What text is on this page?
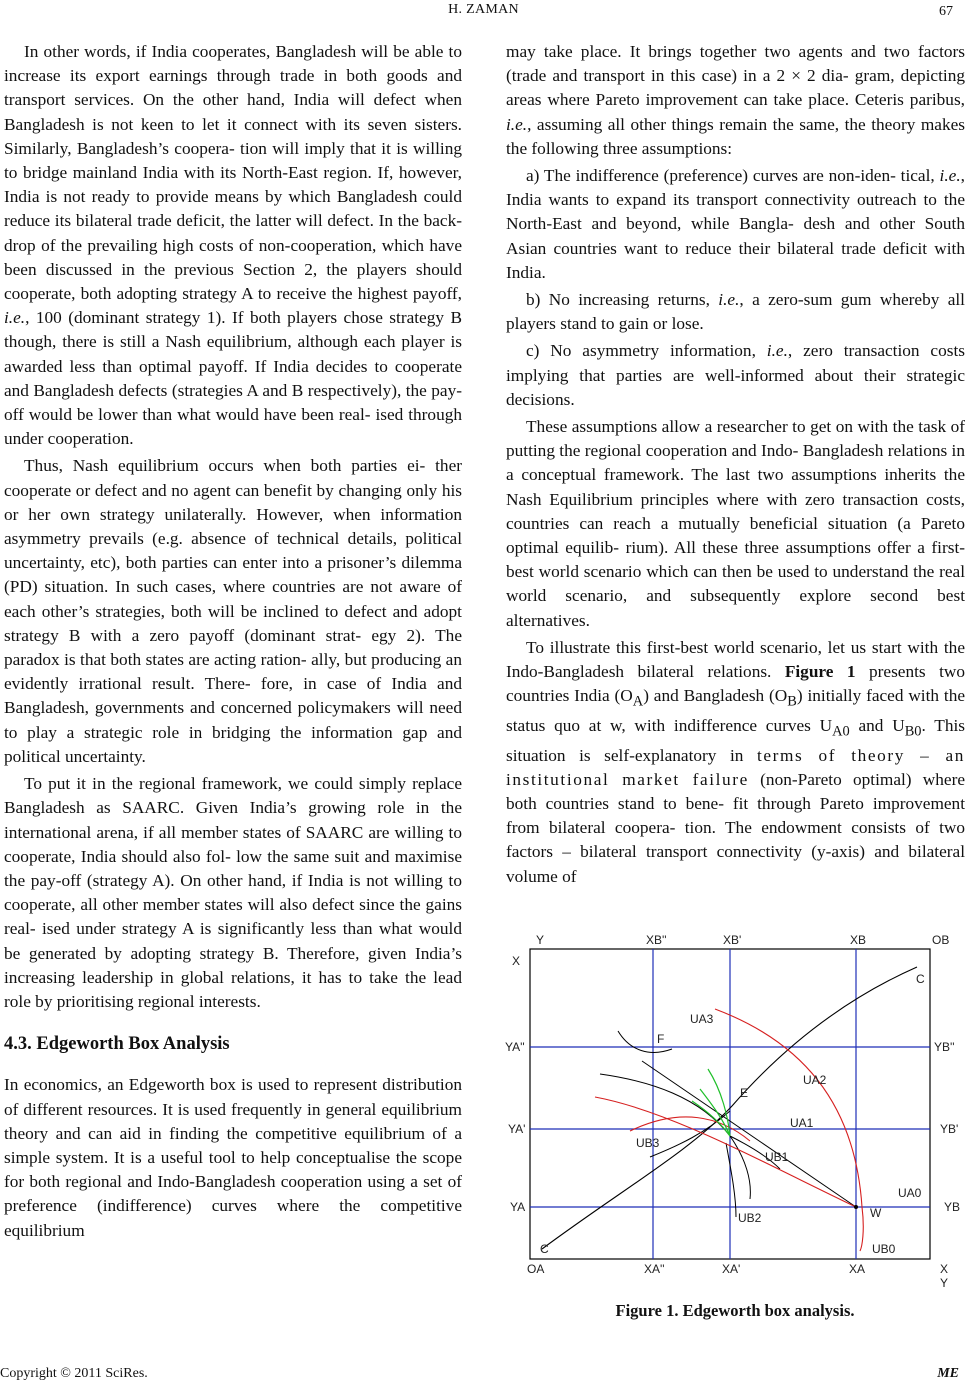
H. ZAMAN	67

In other words, if India cooperates, Bangladesh will be able to increase its export earnings through trade in both goods and transport services. On the other hand, India will defect when Bangladesh is not keen to let it connect with its seven sisters. Similarly, Bangladesh’s coopera- tion will imply that it is willing to bridge mainland India with its North-East region. If, however, India is not ready to provide means by which Bangladesh could reduce its bilateral trade deficit, the latter will defect. In the back- drop of the prevailing high costs of non-cooperation, which have been discussed in the previous Section 2, the players should cooperate, both adopting strategy A to receive the highest payoff, i.e., 100 (dominant strategy 1). If both players chose strategy B though, there is still a Nash equilibrium, although each player is awarded less than optimal payoff. If India decides to cooperate and Bangladesh defects (strategies A and B respectively), the pay-off would be lower than what would have been real- ised through under cooperation.

Thus, Nash equilibrium occurs when both parties ei- ther cooperate or defect and no agent can benefit by changing only his or her own strategy unilaterally. However, when information asymmetry prevails (e.g. absence of technical details, political uncertainty, etc), both parties can enter into a prisoner’s dilemma (PD) situation. In such cases, where countries are not aware of each other’s strategies, both will be inclined to defect and adopt strategy B with a zero payoff (dominant strat- egy 2). The paradox is that both states are acting ration- ally, but producing an evidently irrational result. There- fore, in case of India and Bangladesh, governments and concerned policymakers will need to play a strategic role in bridging the information gap and political uncertainty.

To put it in the regional framework, we could simply replace Bangladesh as SAARC. Given India’s growing role in the international arena, if all member states of SAARC are willing to cooperate, India should also fol- low the same suit and maximise the pay-off (strategy A). On other hand, if India is not willing to cooperate, all other member states will also defect since the gains real- ised under strategy A is significantly less than what would be generated by adopting strategy B. Therefore, given India’s increasing leadership in global relations, it has to take the lead role by prioritising regional interests.

4.3. Edgeworth Box Analysis

In economics, an Edgeworth box is used to represent distribution of different resources. It is used frequently in general equilibrium theory and can aid in finding the competitive equilibrium of a simple system. It is a useful tool to help conceptualise the scope for both regional and Indo-Bangladesh cooperation using a set of preference (indifference) curves where the competitive equilibrium

may take place. It brings together two agents and two factors (trade and transport in this case) in a 2 × 2 dia- gram, depicting areas where Pareto improvement can take place. Ceteris paribus, i.e., assuming all other things remain the same, the theory makes the following three assumptions:

a) The indifference (preference) curves are non-iden- tical, i.e., India wants to expand its transport connectivity outreach to the North-East and beyond, while Bangla- desh and other South Asian countries want to reduce their bilateral trade deficit with India.

b) No increasing returns, i.e., a zero-sum gum whereby all players stand to gain or lose.

c) No asymmetry information, i.e., zero transaction costs implying that parties are well-informed about their strategic decisions.

These assumptions allow a researcher to get on with the task of putting the regional cooperation and Indo- Bangladesh relations in a conceptual framework. The last two assumptions inherits the Nash Equilibrium principles where with zero transaction costs, countries can reach a mutually beneficial situation (a Pareto optimal equilib- rium). All these three assumptions offer a first-best world scenario which can then be used to understand the real world scenario, and subsequently explore second best alternatives.

To illustrate this first-best world scenario, let us start with the Indo-Bangladesh bilateral relations. Figure 1 presents two countries India $(O_A)$ and Bangladesh $(O_B)$ initially faced with the status quo at w, with indifference curves $U_{A0}$ and $U_{B0}$. This situation is self-explanatory in terms of theory – an institutional market failure (non-Pareto optimal) where both countries stand to bene- fit through Pareto improvement from bilateral coopera- tion. The endowment consists of two factors – bilateral transport connectivity (y-axis) and bilateral volume of

Y
X
XB''	XB'	XB	OB
C
UA3
F
YA''	YB''
UA2
E
YA'	YB'
UA1
UB3
UB1
UA0
YA	YB
W
UB2
UB0
C
OA	XA''	XA'	XA	X
Y
Figure 1. Edgeworth box analysis.
Copyright © 2011 SciRes.	ME
